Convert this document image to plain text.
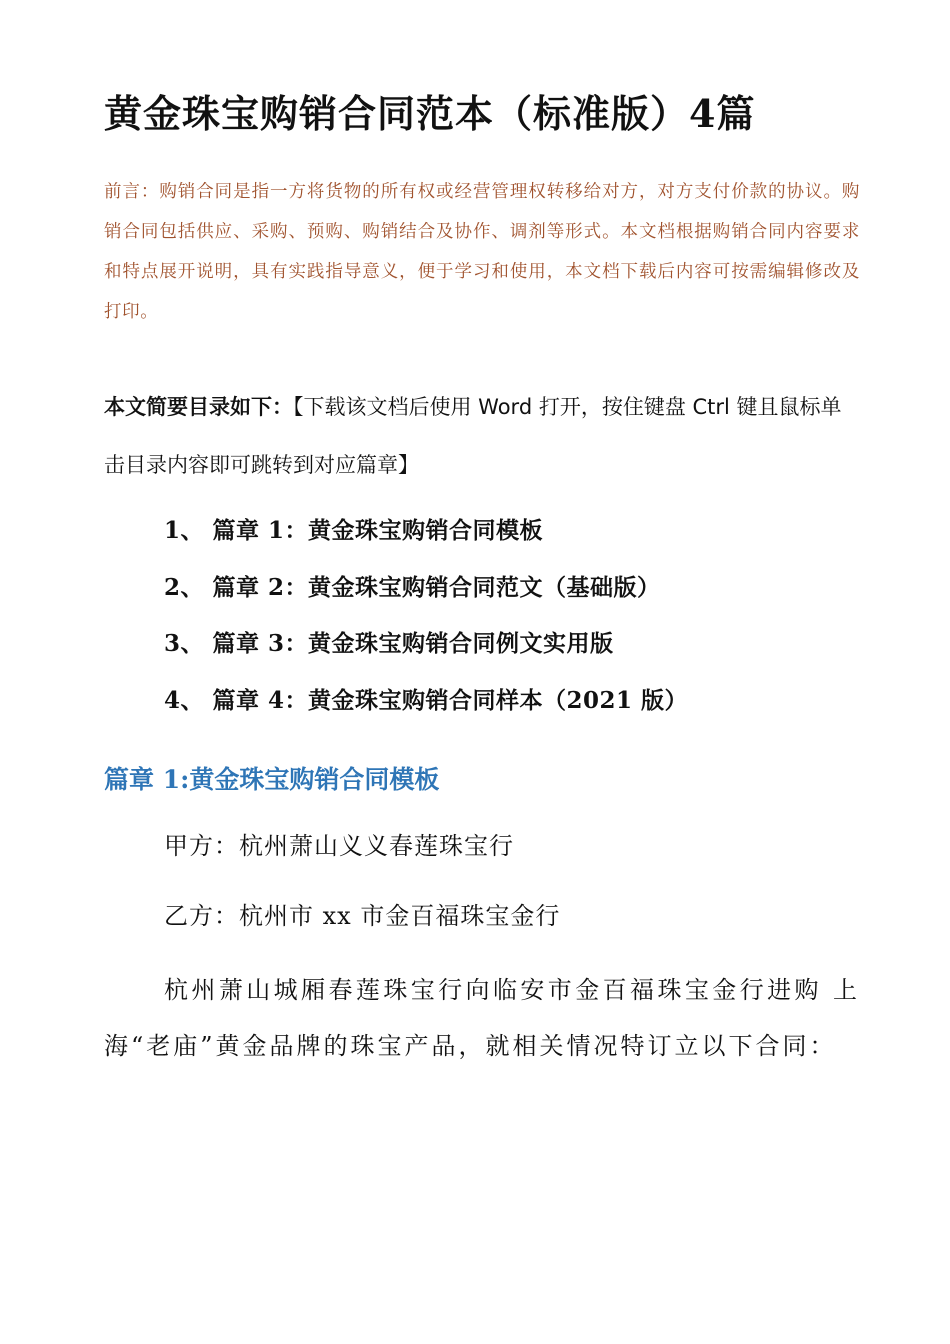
黄金珠宝购销合同范本（标准版）4篇
前言：购销合同是指一方将货物的所有权或经营管理权转移给对方，对方支付价款的协议。购销合同包括供应、采购、预购、购销结合及协作、调剂等形式。本文档根据购销合同内容要求和特点展开说明，具有实践指导意义，便于学习和使用，本文档下载后内容可按需编辑修改及打印。
本文简要目录如下：【下载该文档后使用 Word 打开，按住键盘 Ctrl 键且鼠标单击目录内容即可跳转到对应篇章】
1、 篇章 1：黄金珠宝购销合同模板
2、 篇章 2：黄金珠宝购销合同范文（基础版）
3、 篇章 3：黄金珠宝购销合同例文实用版
4、 篇章 4：黄金珠宝购销合同样本（2021 版）
篇章 1:黄金珠宝购销合同模板
甲方：杭州萧山义义春莲珠宝行
乙方：杭州市 xx 市金百福珠宝金行
杭州萧山城厢春莲珠宝行向临安市金百福珠宝金行进购 上海“老庙”黄金品牌的珠宝产品，就相关情况特订立以下合同：
